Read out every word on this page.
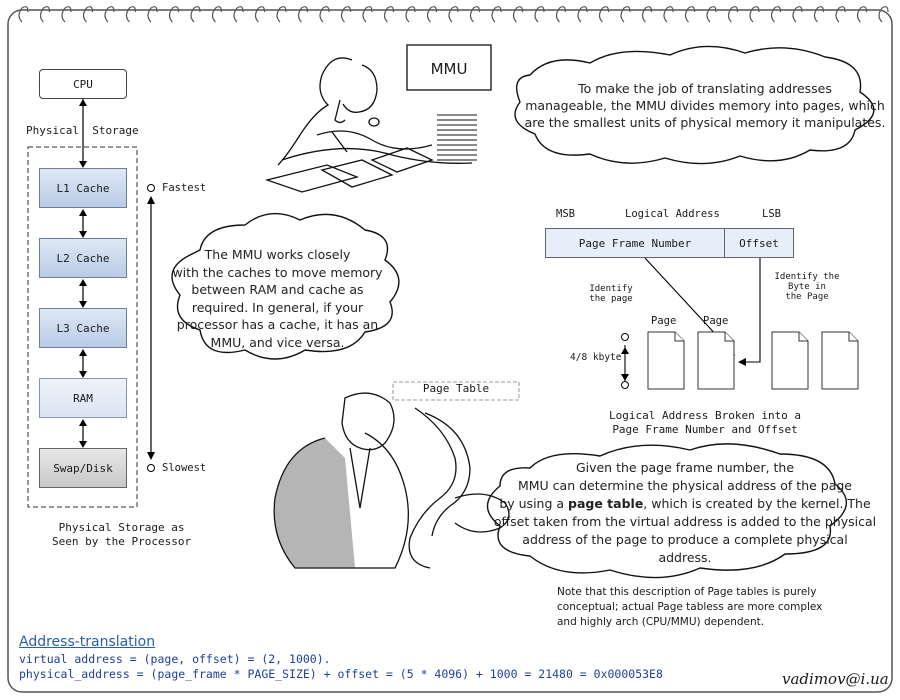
CPU
Physical  Storage
L1 Cache
L2 Cache
L3 Cache
RAM
Swap/Disk
Fastest
Slowest
Physical Storage as
Seen by the Processor
MMU
To make the job of translating addresses
manageable, the MMU divides memory into pages, which
are the smallest units of physical memory it manipulates.
The MMU works closely
with the caches to move memory
between RAM and cache as
required. In general, if your
processor has a cache, it has an
MMU, and vice versa.
Given the page frame number, the
MMU can determine the physical address of the page
by using a page table, which is created by the kernel. The
offset taken from the virtual address is added to the physical
address of the page to produce a complete physical
address.
MSB	Logical Address	LSB
Page Frame Number	Offset
Identify
the page
Identify the
Byte in
the Page
Page	Page
4/8 kbyte
Logical Address Broken into a
Page Frame Number and Offset
Page Table
Note that this description of Page tables is purely
conceptual; actual Page tabless are more complex
and highly arch (CPU/MMU) dependent.
Address-translation
virtual address = (page, offset) = (2, 1000).
physical_address = (page_frame * PAGE_SIZE) + offset = (5 * 4096) + 1000 = 21480 = 0x000053E8	vadimov@i.ua
